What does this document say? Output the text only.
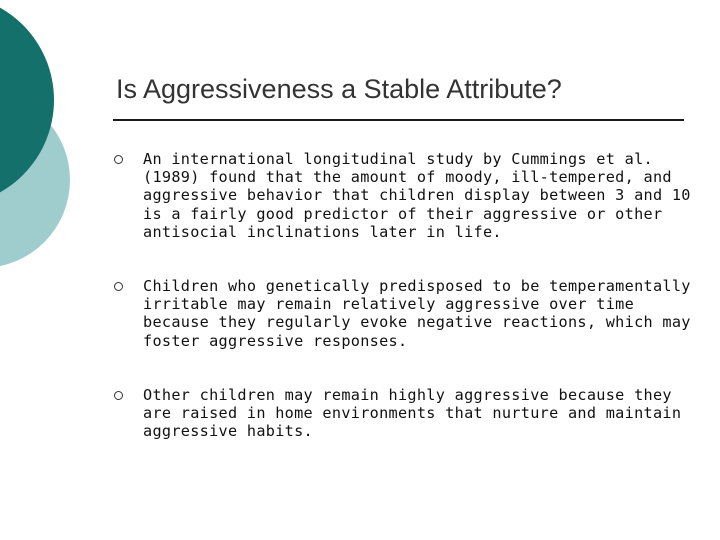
Is Aggressiveness a Stable Attribute?
An international longitudinal study by Cummings et al. (1989) found that the amount of moody, ill-tempered, and aggressive behavior that children display between 3 and 10 is a fairly good predictor of their aggressive or other antisocial inclinations later in life.
Children who genetically predisposed to be temperamentally irritable may remain relatively aggressive over time because they regularly evoke negative reactions, which may foster aggressive responses.
Other children may remain highly aggressive because they are raised in home environments that nurture and maintain aggressive habits.
